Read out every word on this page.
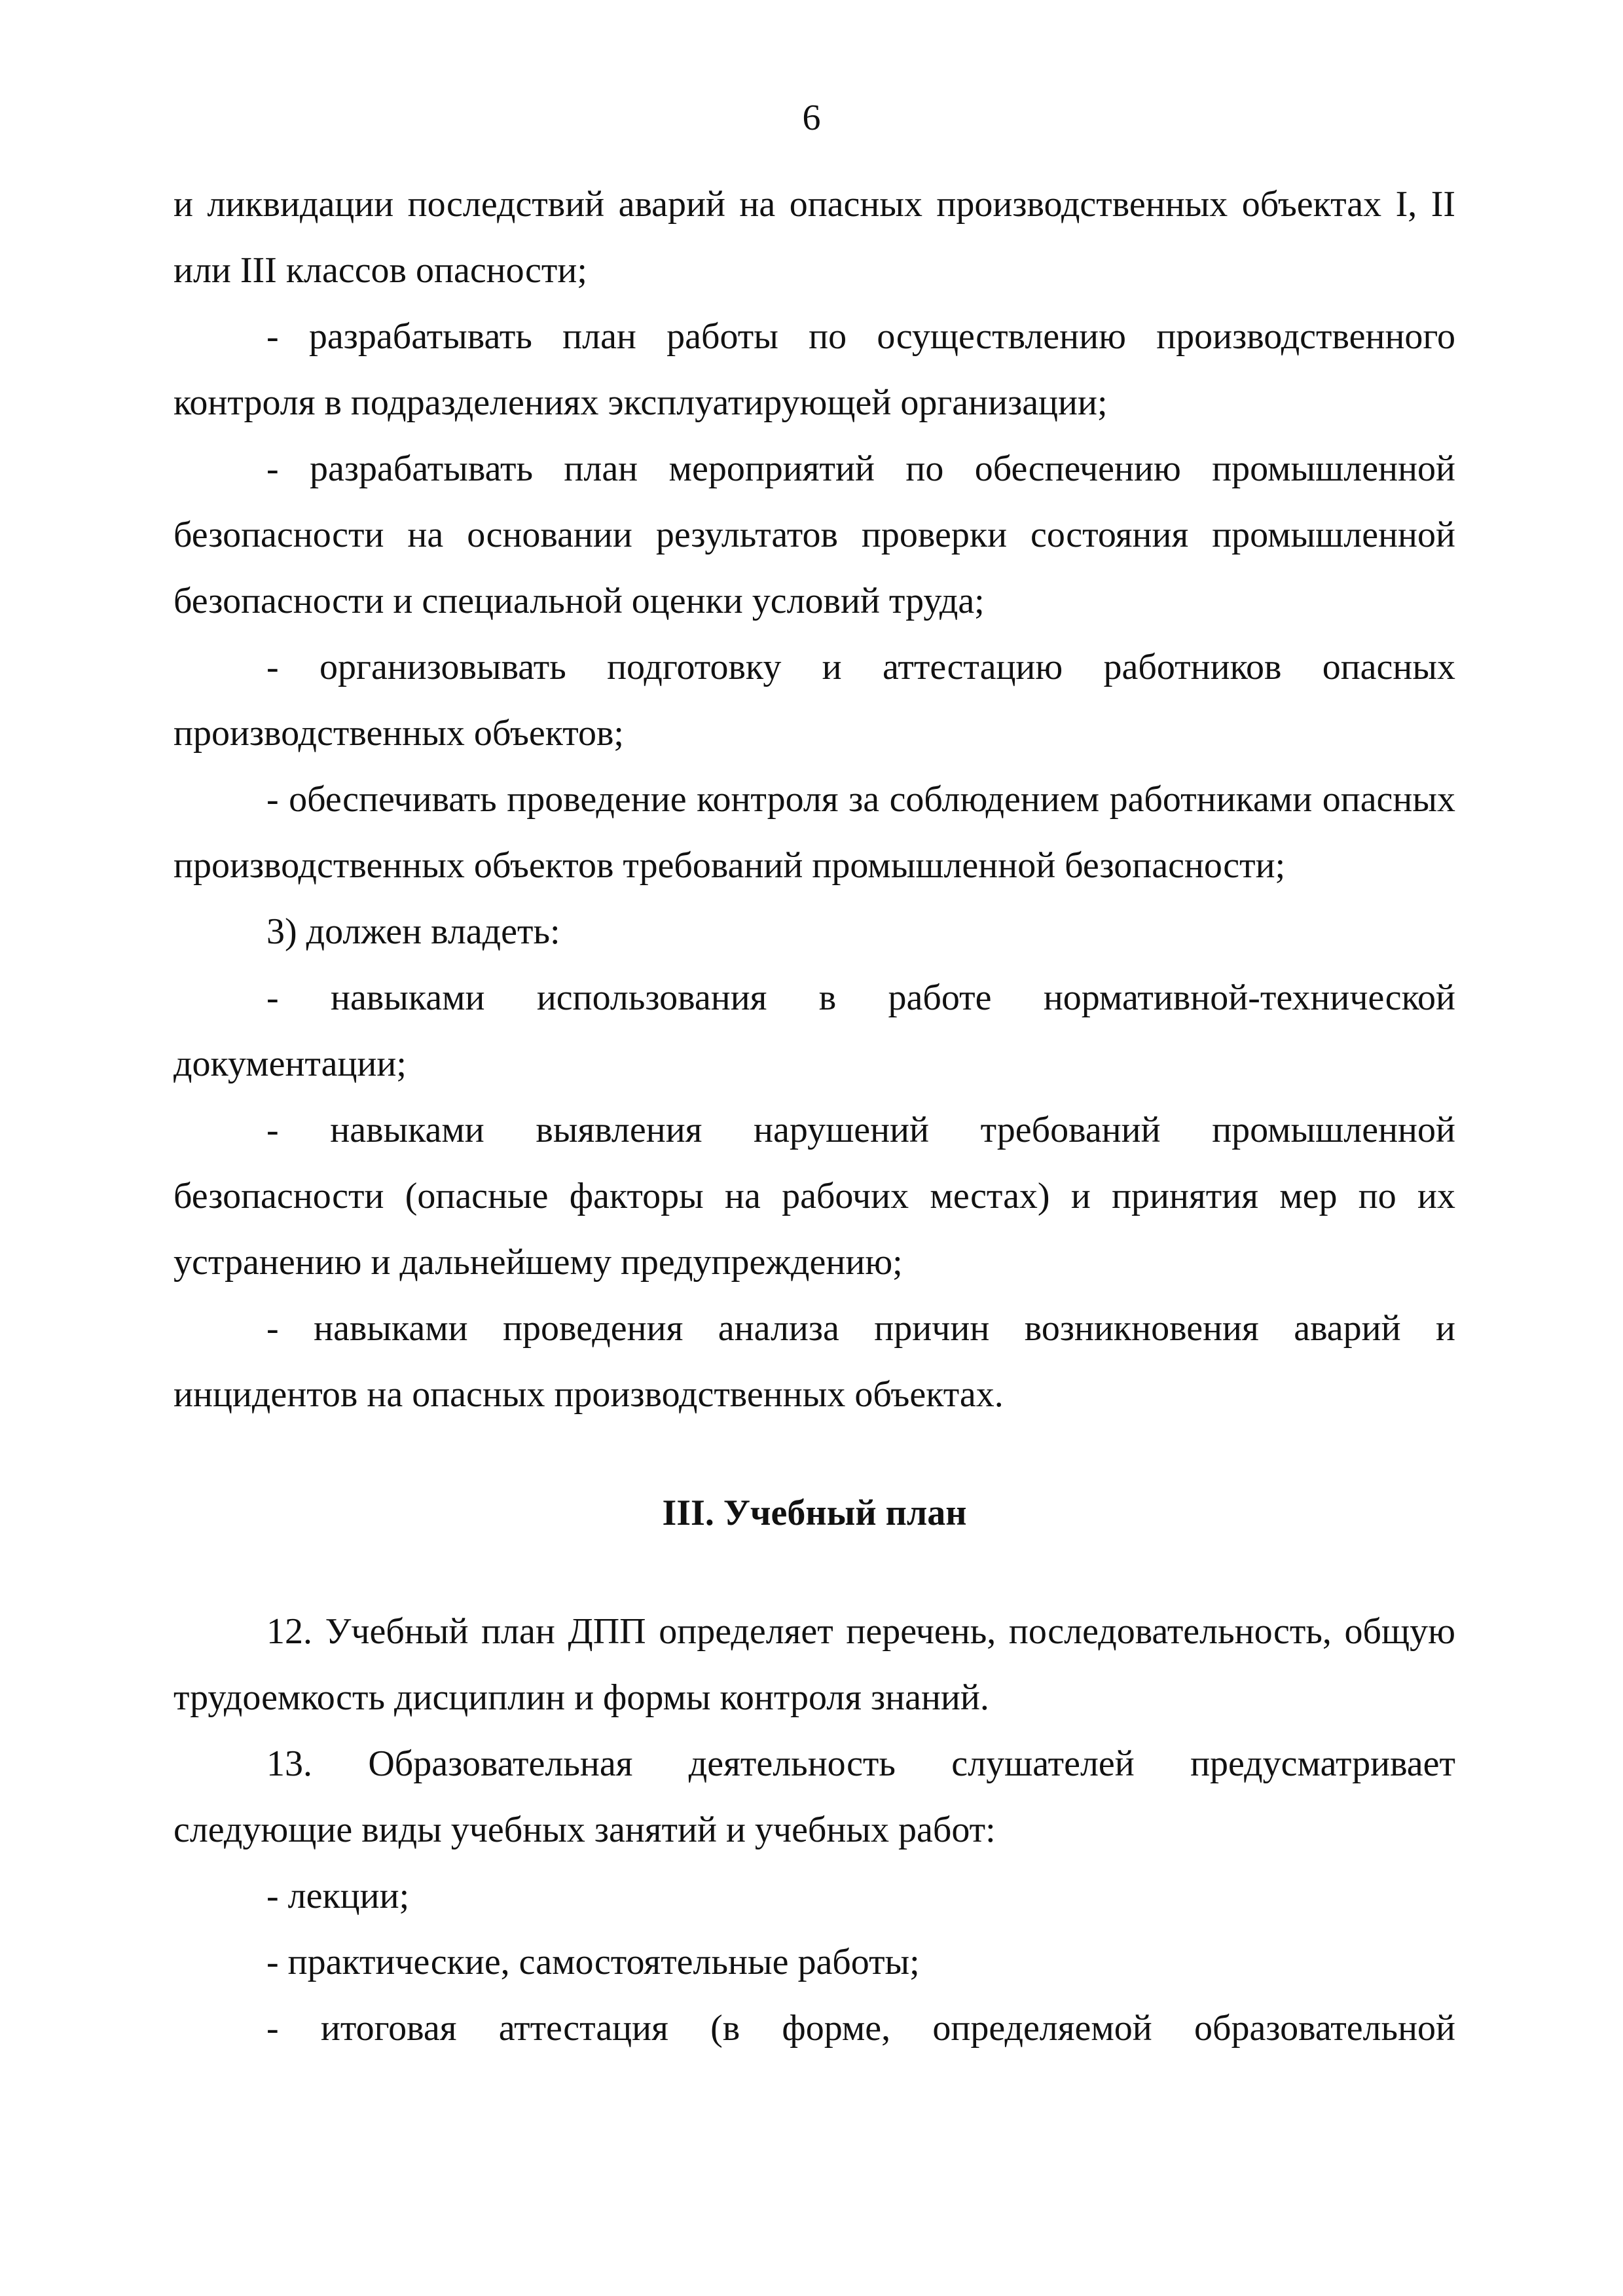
6

и ликвидации последствий аварий на опасных производственных объектах I, II или III классов опасности;

- разрабатывать план работы по осуществлению производственного контроля в подразделениях эксплуатирующей организации;

- разрабатывать план мероприятий по обеспечению промышленной безопасности на основании результатов проверки состояния промышленной безопасности и специальной оценки условий труда;

- организовывать подготовку и аттестацию работников опасных производственных объектов;

- обеспечивать проведение контроля за соблюдением работниками опасных производственных объектов требований промышленной безопасности;

3) должен владеть:

- навыками использования в работе нормативной-технической документации;

- навыками выявления нарушений требований промышленной безопасности (опасные факторы на рабочих местах) и принятия мер по их устранению и дальнейшему предупреждению;

- навыками проведения анализа причин возникновения аварий и инцидентов на опасных производственных объектах.

III. Учебный план

12. Учебный план ДПП определяет перечень, последовательность, общую трудоемкость дисциплин и формы контроля знаний.

13. Образовательная деятельность слушателей предусматривает следующие виды учебных занятий и учебных работ:

- лекции;

- практические, самостоятельные работы;

- итоговая аттестация (в форме, определяемой образовательной
